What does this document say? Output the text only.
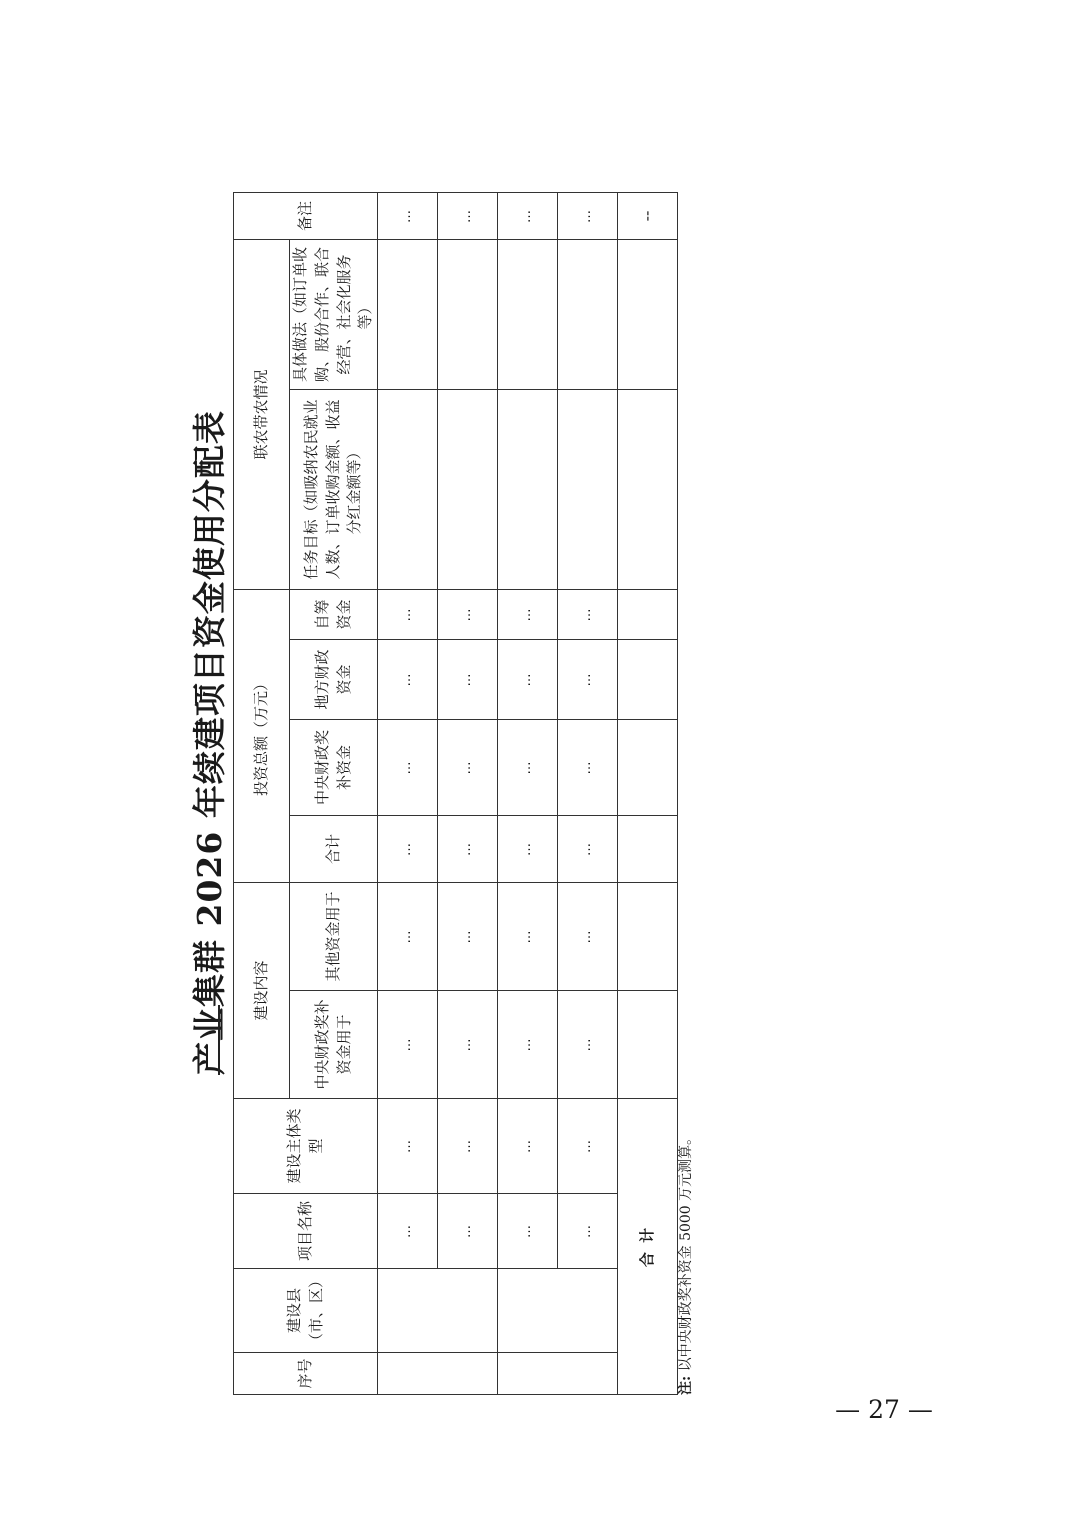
产业集群 2026 年续建项目资金使用分配表
序号	建设县（市、区）	项目名称	建设主体类型	建设内容		投资总额（万元）				联农带农情况		备注
				中央财政奖补资金用于	其他资金用于	合计	中央财政奖补资金	地方财政资金	自筹资金	任务目标（如吸纳农民就业人数、订单收购金额、收益分红金额等）	具体做法（如订单收购、股份合作、联合经营、社会化服务等）	
		…	…	…	…	…	…	…	…			…
		…	…	…	…	…	…	…	…			…
		…	…	…	…	…	…	…	…			…
		…	…	…	…	…	…	…	…			…
合 计												--
注: 以中央财政奖补资金 5000 万元测算。
— 27 —
